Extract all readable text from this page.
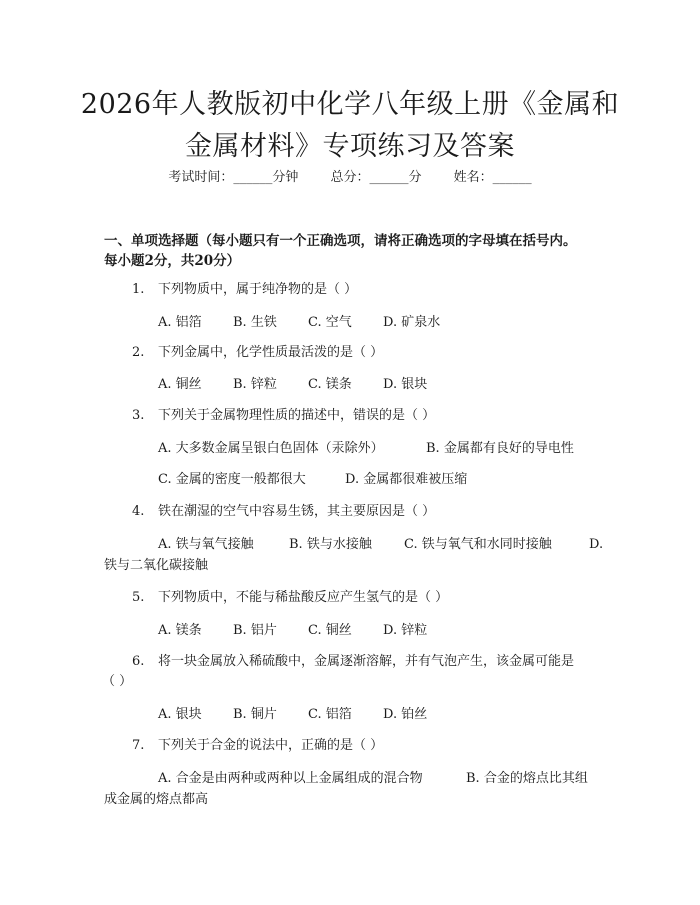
2026年人教版初中化学八年级上册《金属和
金属材料》专项练习及答案
考试时间：______分钟 总分：______分 姓名：______
一、单项选择题（每小题只有一个正确选项，请将正确选项的字母填在括号内。
每小题2分，共20分）
1. 下列物质中，属于纯净物的是（ ）
A. 铝箔 B. 生铁 C. 空气 D. 矿泉水
2. 下列金属中，化学性质最活泼的是（ ）
A. 铜丝 B. 锌粒 C. 镁条 D. 银块
3. 下列关于金属物理性质的描述中，错误的是（ ）
A. 大多数金属呈银白色固体（汞除外）	B. 金属都有良好的导电性
C. 金属的密度一般都很大	D. 金属都很难被压缩
4. 铁在潮湿的空气中容易生锈，其主要原因是（ ）
A. 铁与氧气接触	B. 铁与水接触 C. 铁与氧气和水同时接触	D.
铁与二氧化碳接触
5. 下列物质中，不能与稀盐酸反应产生氢气的是（ ）
A. 镁条 B. 铝片 C. 铜丝 D. 锌粒
6. 将一块金属放入稀硫酸中，金属逐渐溶解，并有气泡产生，该金属可能是
（ ）
A. 银块 B. 铜片 C. 铝箔 D. 铂丝
7. 下列关于合金的说法中，正确的是（ ）
A. 合金是由两种或两种以上金属组成的混合物	B. 合金的熔点比其组
成金属的熔点都高
